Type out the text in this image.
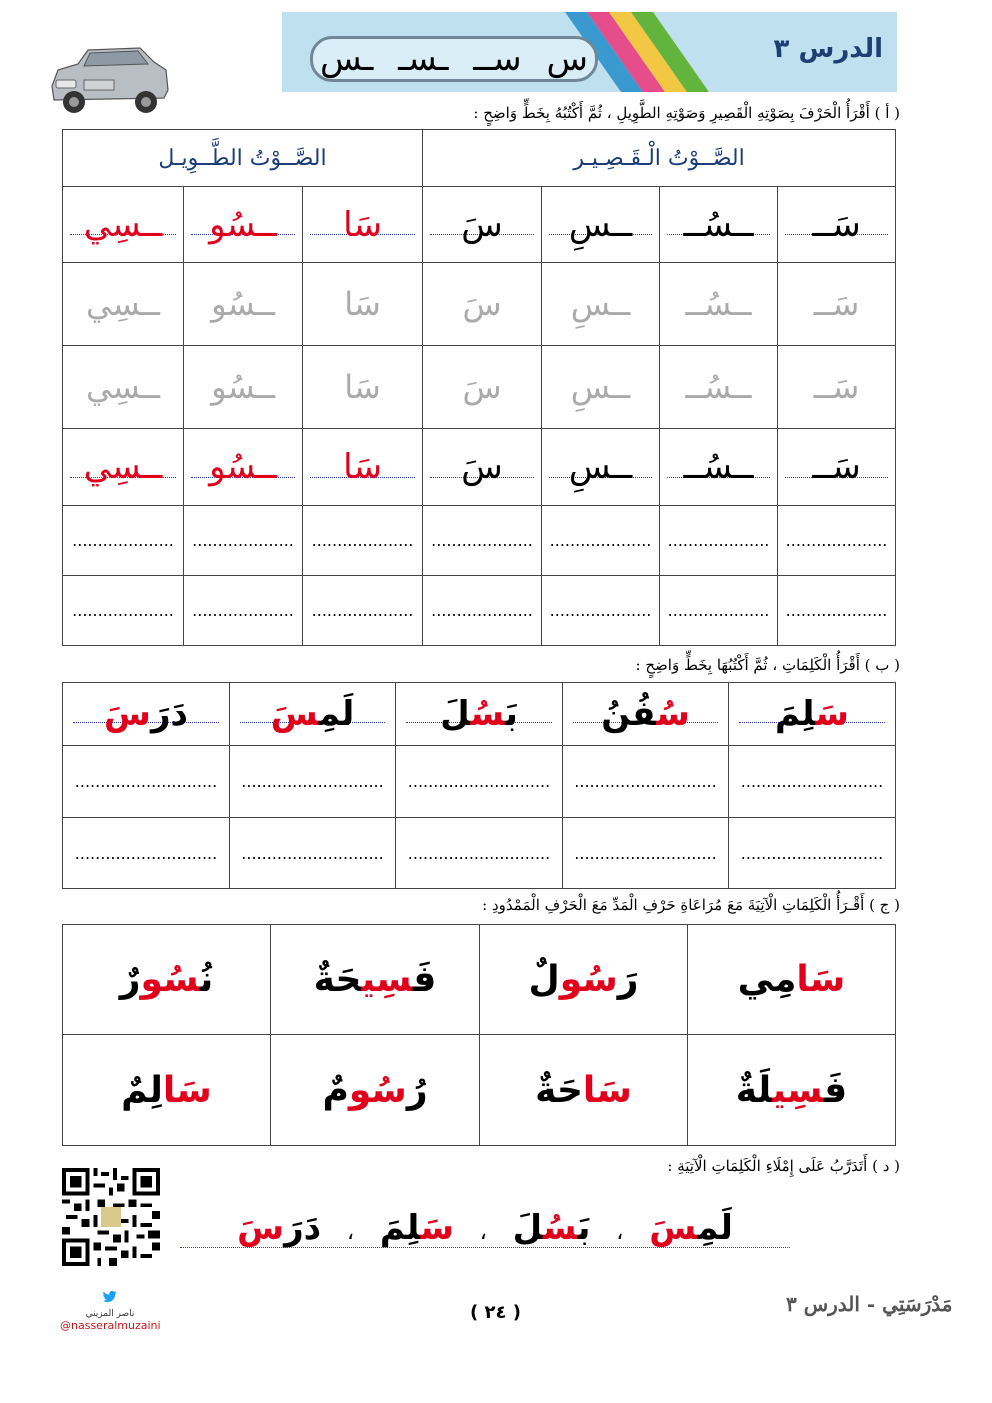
س ســ ـسـ ـس	الدرس ٣
( أ ) أَقْرَأُ الْحَرْفَ بِصَوْتِهِ الْقَصِيرِ وَصَوْتِهِ الطَّوِيلِ ، ثُمَّ أَكْتُبُهُ بِخَطٍّ وَاضِحٍ :
الصَّــوْتُ الْـقَـصِـيـر				الصَّــوْتُ الطَّــوِيـل		

سَــ	ــسُــ	ــسِ	سَ	سَا	ــسُو	ــسِي
سَــ	ــسُــ	ــسِ	سَ	سَا	ــسُو	ــسِي
سَــ	ــسُــ	ــسِ	سَ	سَا	ــسُو	ــسِي

سَــ	ــسُــ	ــسِ	سَ	سَا	ــسُو	ــسِي
....................	....................	....................	....................	....................	....................	....................
....................	....................	....................	....................	....................	....................	....................
( ب ) أَقْرَأُ الْكَلِمَاتِ ، ثُمَّ أَكْتُبُهَا بِخَطٍّ وَاضِحٍ :
سَلِمَ	سُفُنُ	بَسُلَ	لَمِسَ	دَرَسَ
............................	............................	............................	............................	............................
............................	............................	............................	............................	............................
( ج ) أَقْـرَأُ الْكَلِمَاتِ الْآتِيَةَ مَعَ مُرَاعَاةِ حَرْفِ الْمَدِّ مَعَ الْحَرْفِ الْمَمْدُودِ :
سَامِي	رَسُولٌ	فَسِيحَةٌ	نُسُورٌ
فَسِيلَةٌ	سَاحَةٌ	رُسُومٌ	سَالِمٌ
( د ) أَتَدَرَّبُ عَلَى إِمْلَاءِ الْكَلِمَاتِ الْآتِيَةِ :
لَمِسَ ، بَسُلَ ، سَلِمَ ، دَرَسَ
ناصر المزيني
@nasseralmuzaini
( ٢٤ )	مَدْرَسَتِي - الدرس ٣
